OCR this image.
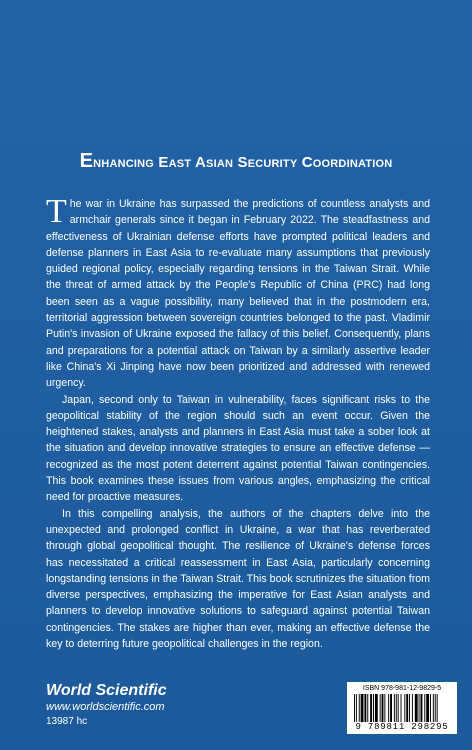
Enhancing East Asian Security Coordination

The war in Ukraine has surpassed the predictions of countless analysts and armchair generals since it began in February 2022. The steadfastness and effectiveness of Ukrainian defense efforts have prompted political leaders and defense planners in East Asia to re-evaluate many assumptions that previously guided regional policy, especially regarding tensions in the Taiwan Strait. While the threat of armed attack by the People's Republic of China (PRC) had long been seen as a vague possibility, many believed that in the postmodern era, territorial aggression between sovereign countries belonged to the past. Vladimir Putin's invasion of Ukraine exposed the fallacy of this belief. Consequently, plans and preparations for a potential attack on Taiwan by a similarly assertive leader like China's Xi Jinping have now been prioritized and addressed with renewed urgency.

Japan, second only to Taiwan in vulnerability, faces significant risks to the geopolitical stability of the region should such an event occur. Given the heightened stakes, analysts and planners in East Asia must take a sober look at the situation and develop innovative strategies to ensure an effective defense — recognized as the most potent deterrent against potential Taiwan contingencies. This book examines these issues from various angles, emphasizing the critical need for proactive measures.

In this compelling analysis, the authors of the chapters delve into the unexpected and prolonged conflict in Ukraine, a war that has reverberated through global geopolitical thought. The resilience of Ukraine's defense forces has necessitated a critical reassessment in East Asia, particularly concerning longstanding tensions in the Taiwan Strait. This book scrutinizes the situation from diverse perspectives, emphasizing the imperative for East Asian analysts and planners to develop innovative solutions to safeguard against potential Taiwan contingencies. The stakes are higher than ever, making an effective defense the key to deterring future geopolitical challenges in the region.

World Scientific
www.worldscientific.com
13987 hc
ISBN 978-981-12-9829-5
9 789811 298295
